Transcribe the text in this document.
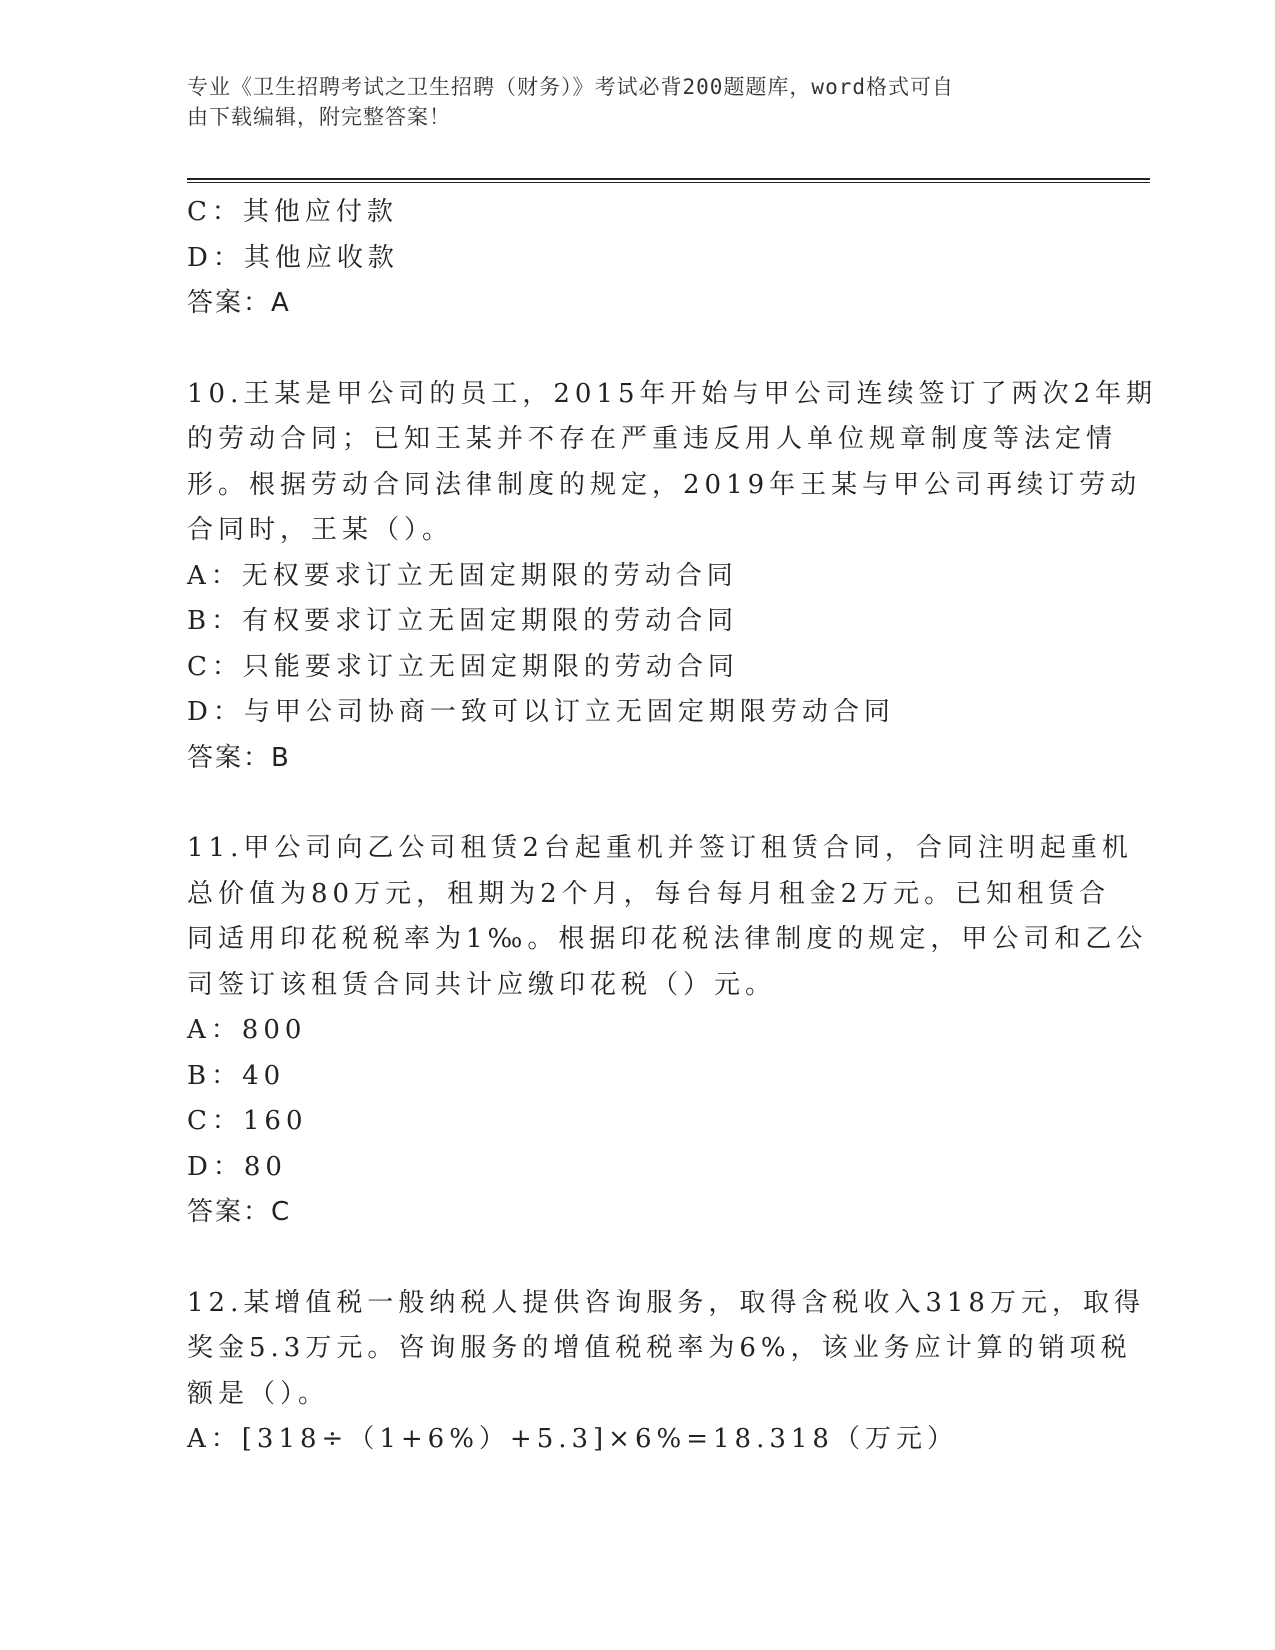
专业《卫生招聘考试之卫生招聘（财务）》考试必背200题题库，word格式可自
由下载编辑，附完整答案！
C：其他应付款
D：其他应收款
答案：A
10.王某是甲公司的员工，2015年开始与甲公司连续签订了两次2年期
的劳动合同；已知王某并不存在严重违反用人单位规章制度等法定情
形。根据劳动合同法律制度的规定，2019年王某与甲公司再续订劳动
合同时，王某（）。
A：无权要求订立无固定期限的劳动合同
B：有权要求订立无固定期限的劳动合同
C：只能要求订立无固定期限的劳动合同
D：与甲公司协商一致可以订立无固定期限劳动合同
答案：B
11.甲公司向乙公司租赁2台起重机并签订租赁合同，合同注明起重机
总价值为80万元，租期为2个月，每台每月租金2万元。已知租赁合
同适用印花税税率为1‰。根据印花税法律制度的规定，甲公司和乙公
司签订该租赁合同共计应缴印花税（）元。
A：800
B：40
C：160
D：80
答案：C
12.某增值税一般纳税人提供咨询服务，取得含税收入318万元，取得
奖金5.3万元。咨询服务的增值税税率为6%，该业务应计算的销项税
额是（）。
A：[318÷（1+6%）+5.3]×6%=18.318（万元）
